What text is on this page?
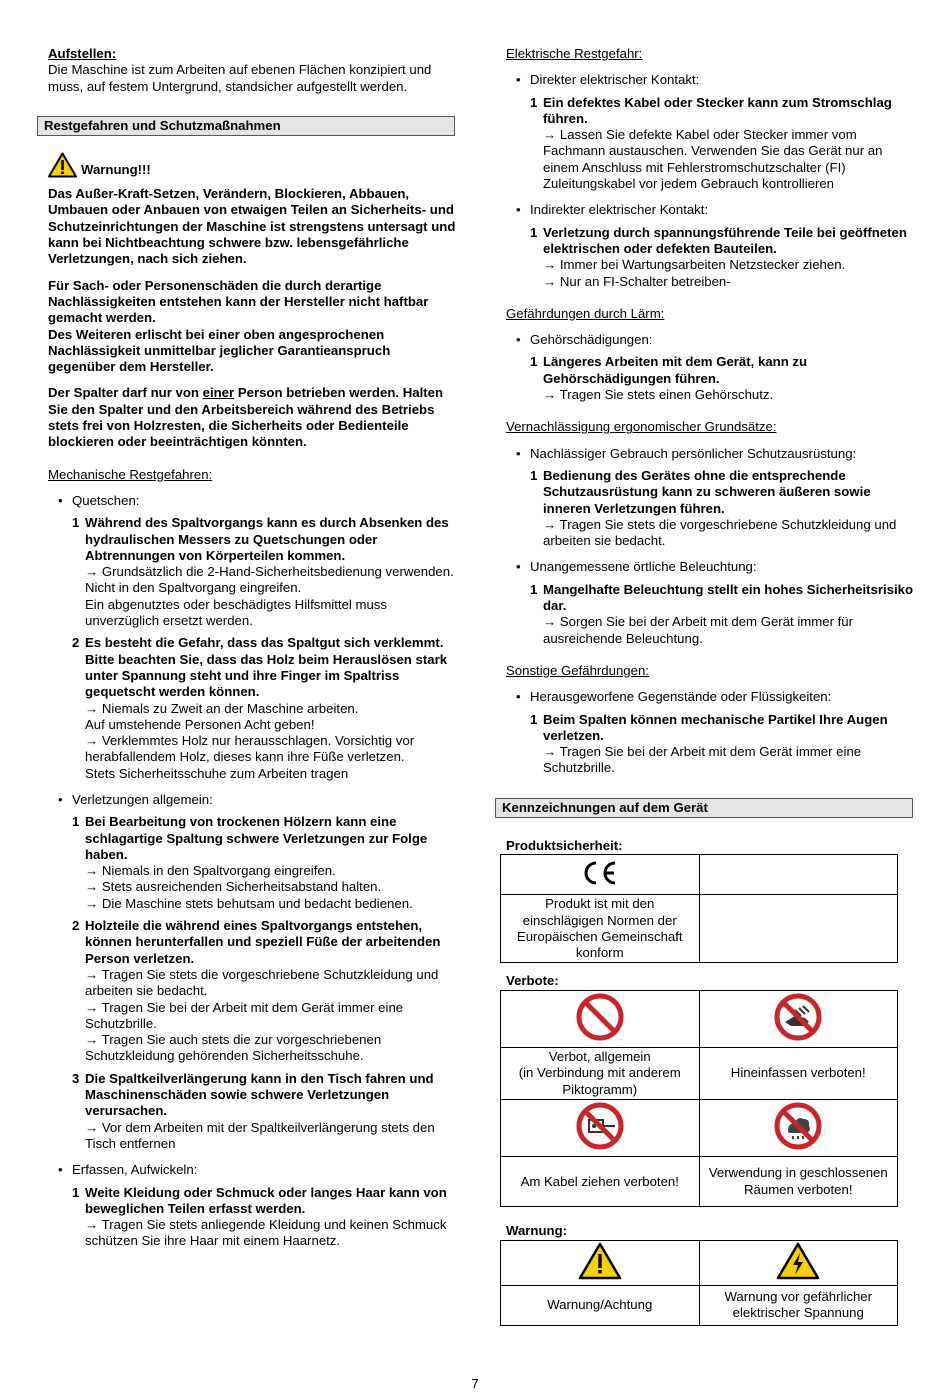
Aufstellen:

Die Maschine ist zum Arbeiten auf ebenen Flächen konzipiert und muss, auf festem Untergrund, standsicher aufgestellt werden.

Restgefahren und Schutzmaßnahmen
Warnung!!!

Das Außer-Kraft-Setzen, Verändern, Blockieren, Abbauen, Umbauen oder Anbauen von etwaigen Teilen an Sicherheits- und Schutzeinrichtungen der Maschine ist strengstens untersagt und kann bei Nichtbeachtung schwere bzw. lebensgefährliche Verletzungen, nach sich ziehen.

Für Sach- oder Personenschäden die durch derartige Nachlässigkeiten entstehen kann der Hersteller nicht haftbar gemacht werden.

Des Weiteren erlischt bei einer oben angesprochenen Nachlässigkeit unmittelbar jeglicher Garantieanspruch gegenüber dem Hersteller.

Der Spalter darf nur von einer Person betrieben werden. Halten Sie den Spalter und den Arbeitsbereich während des Betriebs stets frei von Holzresten, die Sicherheits oder Bedienteile blockieren oder beeinträchtigen könnten.

Mechanische Restgefahren:

• Quetschen:
1 Während des Spaltvorgangs kann es durch Absenken des hydraulischen Messers zu Quetschungen oder Abtrennungen von Körperteilen kommen.
→ Grundsätzlich die 2-Hand-Sicherheitsbedienung verwenden. Nicht in den Spaltvorgang eingreifen.
Ein abgenutztes oder beschädigtes Hilfsmittel muss unverzüglich ersetzt werden.
2 Es besteht die Gefahr, dass das Spaltgut sich verklemmt. Bitte beachten Sie, dass das Holz beim Herauslösen stark unter Spannung steht und ihre Finger im Spaltriss gequetscht werden können.
→ Niemals zu Zweit an der Maschine arbeiten.
Auf umstehende Personen Acht geben!
→ Verklemmtes Holz nur herausschlagen. Vorsichtig vor herabfallendem Holz, dieses kann ihre Füße verletzen.
Stets Sicherheitsschuhe zum Arbeiten tragen
• Verletzungen allgemein:
1 Bei Bearbeitung von trockenen Hölzern kann eine schlagartige Spaltung schwere Verletzungen zur Folge haben.
→ Niemals in den Spaltvorgang eingreifen.
→ Stets ausreichenden Sicherheitsabstand halten.
→ Die Maschine stets behutsam und bedacht bedienen.
2 Holzteile die während eines Spaltvorgangs entstehen, können herunterfallen und speziell Füße der arbeitenden Person verletzen.
→ Tragen Sie stets die vorgeschriebene Schutzkleidung und arbeiten sie bedacht.
→ Tragen Sie bei der Arbeit mit dem Gerät immer eine Schutzbrille.
→ Tragen Sie auch stets die zur vorgeschriebenen Schutzkleidung gehörenden Sicherheitsschuhe.
3 Die Spaltkeilverlängerung kann in den Tisch fahren und Maschinenschäden sowie schwere Verletzungen verursachen.
→ Vor dem Arbeiten mit der Spaltkeilverlängerung stets den Tisch entfernen
• Erfassen, Aufwickeln:
1 Weite Kleidung oder Schmuck oder langes Haar kann von beweglichen Teilen erfasst werden.
→ Tragen Sie stets anliegende Kleidung und keinen Schmuck schützen Sie ihre Haar mit einem Haarnetz.

Elektrische Restgefahr:

• Direkter elektrischer Kontakt:
1 Ein defektes Kabel oder Stecker kann zum Stromschlag führen.
→ Lassen Sie defekte Kabel oder Stecker immer vom Fachmann austauschen. Verwenden Sie das Gerät nur an einem Anschluss mit Fehlerstromschutzschalter (FI) Zuleitungskabel vor jedem Gebrauch kontrollieren
• Indirekter elektrischer Kontakt:
1 Verletzung durch spannungsführende Teile bei geöffneten elektrischen oder defekten Bauteilen.
→ Immer bei Wartungsarbeiten Netzstecker ziehen.
→ Nur an FI-Schalter betreiben-

Gefährdungen durch Lärm:

• Gehörschädigungen:
1 Längeres Arbeiten mit dem Gerät, kann zu Gehörschädigungen führen.
→ Tragen Sie stets einen Gehörschutz.

Vernachlässigung ergonomischer Grundsätze:

• Nachlässiger Gebrauch persönlicher Schutzausrüstung:
1 Bedienung des Gerätes ohne die entsprechende Schutzausrüstung kann zu schweren äußeren sowie inneren Verletzungen führen.
→ Tragen Sie stets die vorgeschriebene Schutzkleidung und arbeiten sie bedacht.
• Unangemessene örtliche Beleuchtung:
1 Mangelhafte Beleuchtung stellt ein hohes Sicherheitsrisiko dar.
→ Sorgen Sie bei der Arbeit mit dem Gerät immer für ausreichende Beleuchtung.

Sonstige Gefährdungen:

• Herausgeworfene Gegenstände oder Flüssigkeiten:
1 Beim Spalten können mechanische Partikel Ihre Augen verletzen.
→ Tragen Sie bei der Arbeit mit dem Gerät immer eine Schutzbrille.
Kennzeichnungen auf dem Gerät

Produktsicherheit:

Produkt ist mit den einschlägigen Normen der Europäischen Gemeinschaft konform	

Verbote:

Verbot, allgemein
(in Verbindung mit anderem Piktogramm)	Hineinfassen verboten!

Am Kabel ziehen verboten!	Verwendung in geschlossenen Räumen verboten!

Warnung:

Warnung/Achtung	Warnung vor gefährlicher elektrischer Spannung
7
